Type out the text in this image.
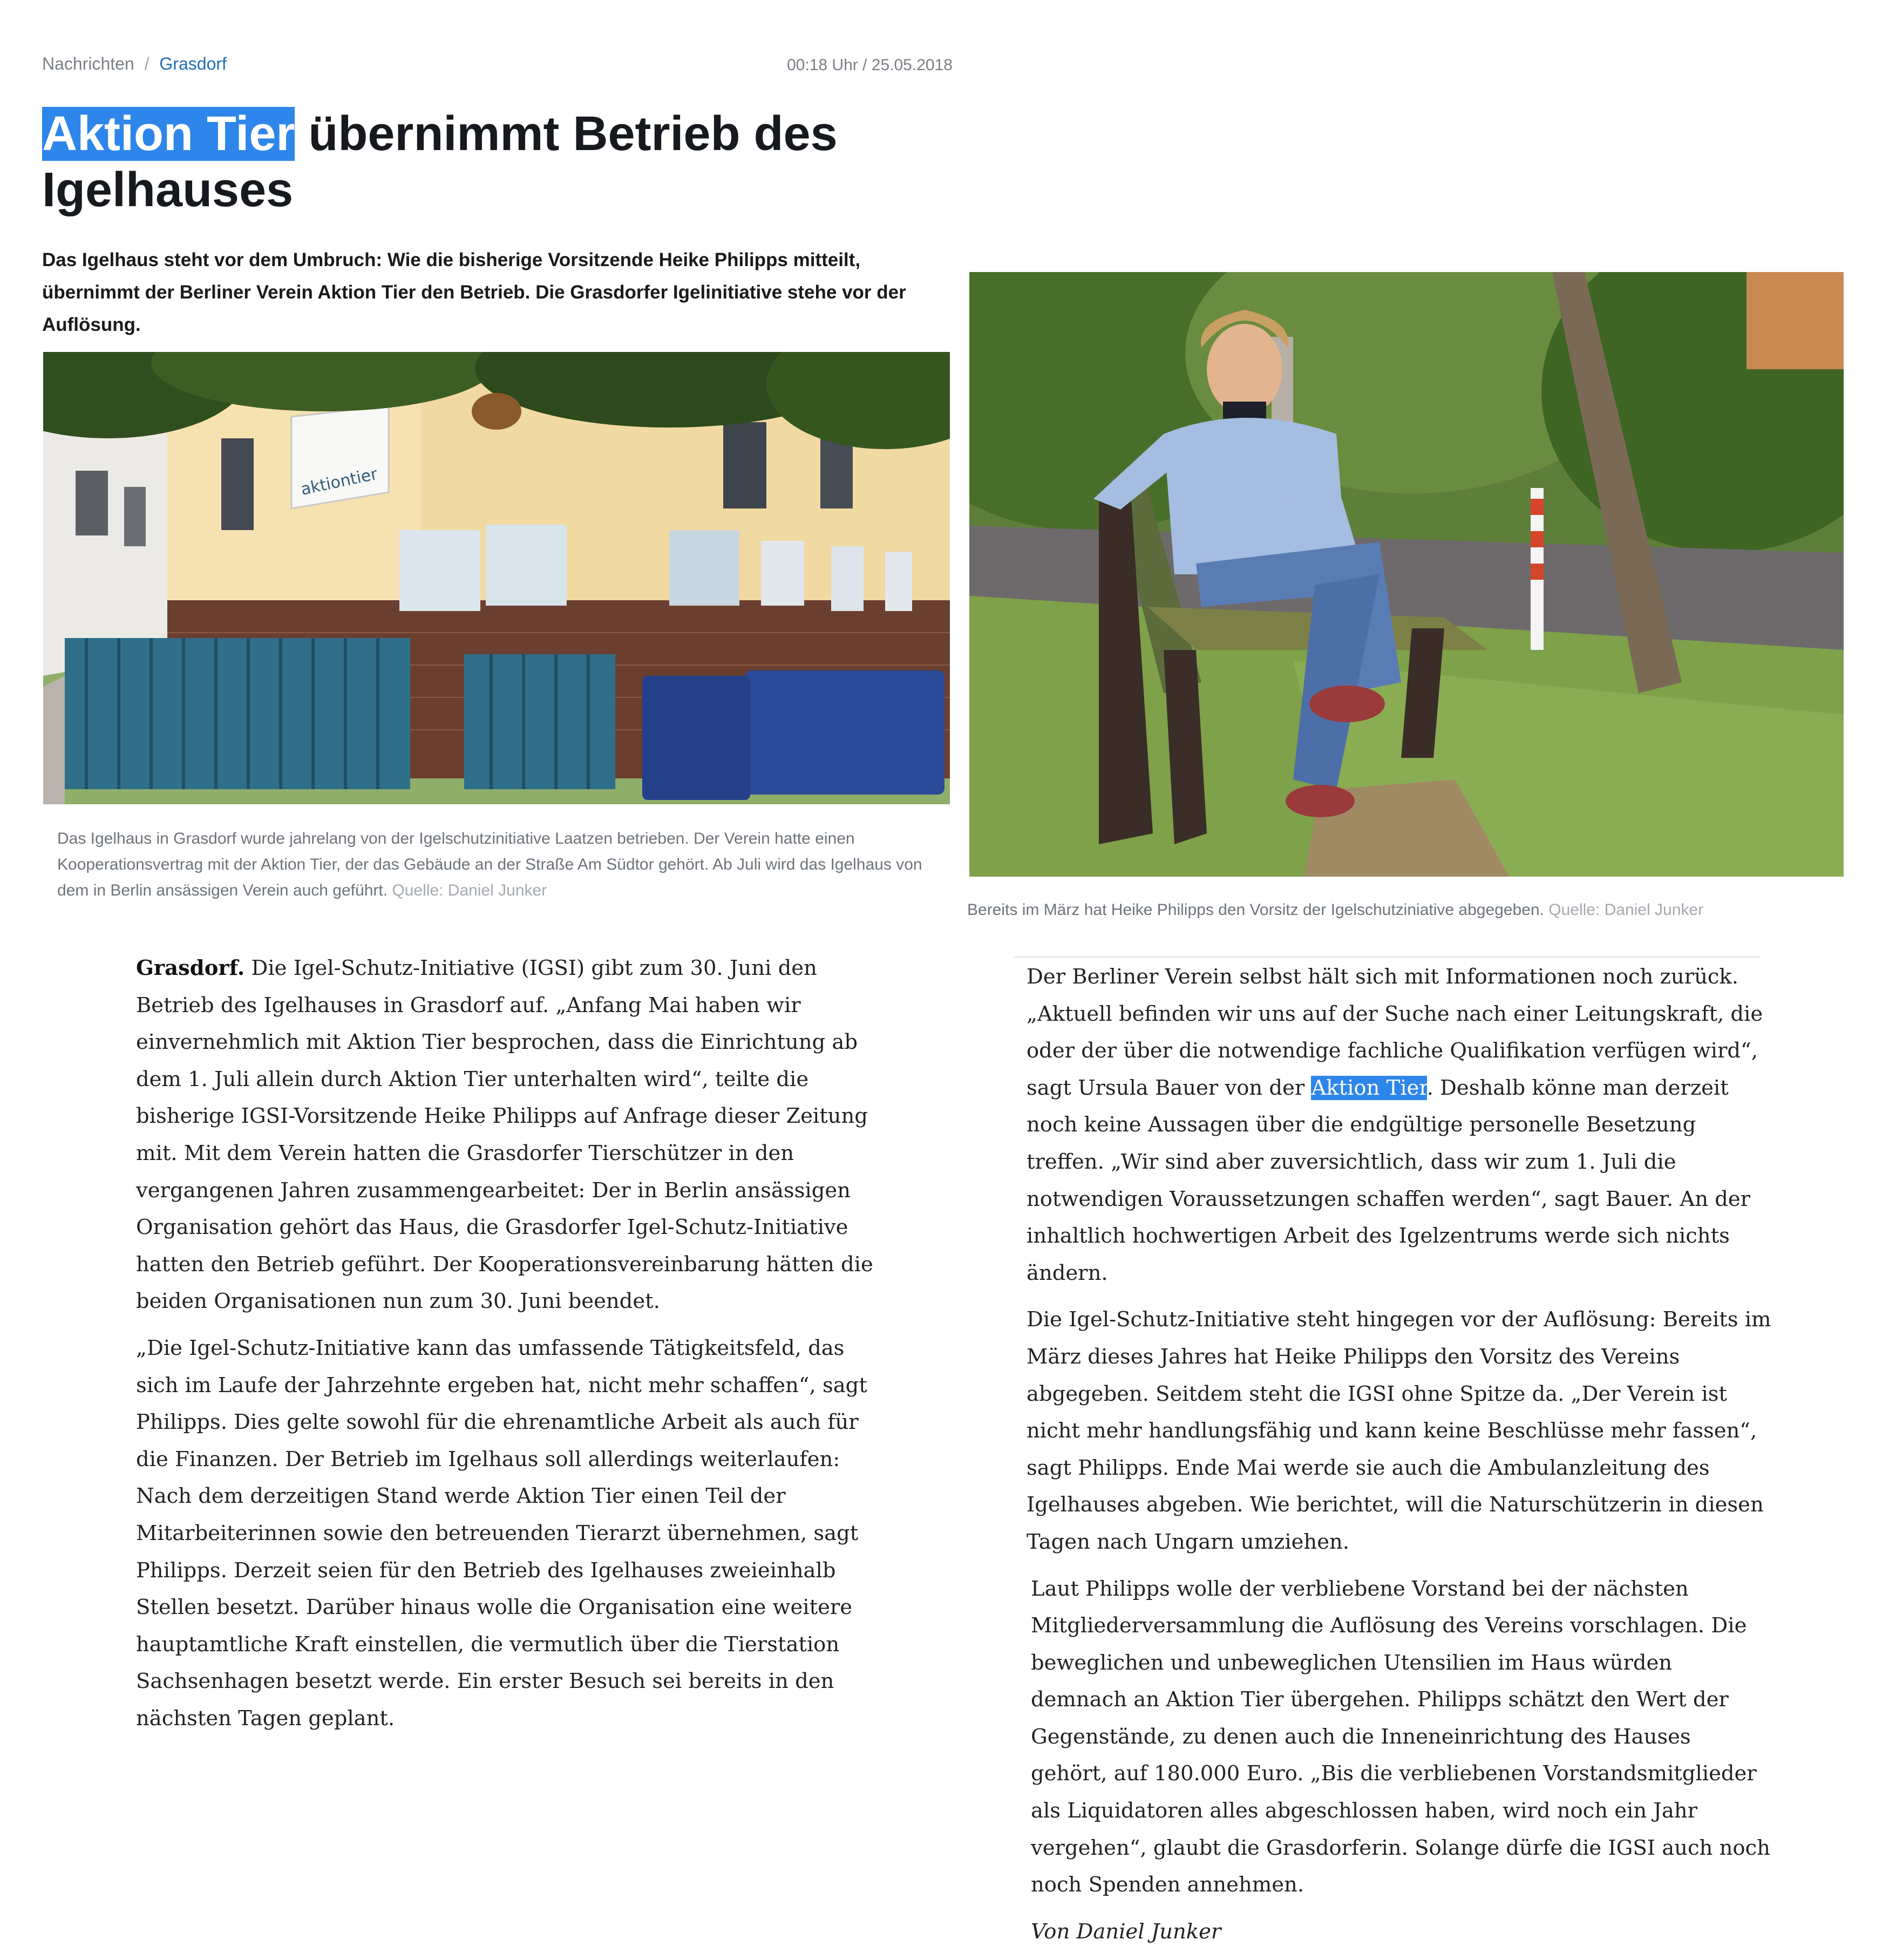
Nachrichten / Grasdorf	00:18 Uhr / 25.05.2018
Aktion Tier übernimmt Betrieb des Igelhauses

Das Igelhaus steht vor dem Umbruch: Wie die bisherige Vorsitzende Heike Philipps mitteilt, übernimmt der Berliner Verein Aktion Tier den Betrieb. Die Grasdorfer Igelinitiative stehe vor der Auflösung.

aktiontier

Das Igelhaus in Grasdorf wurde jahrelang von der Igelschutzinitiative Laatzen betrieben. Der Verein hatte einen Kooperationsvertrag mit der Aktion Tier, der das Gebäude an der Straße Am Südtor gehört. Ab Juli wird das Igelhaus von dem in Berlin ansässigen Verein auch geführt. Quelle: Daniel Junker

Bereits im März hat Heike Philipps den Vorsitz der Igelschutziniative abgegeben. Quelle: Daniel Junker

Grasdorf. Die Igel-Schutz-Initiative (IGSI) gibt zum 30. Juni den Betrieb des Igelhauses in Grasdorf auf. „Anfang Mai haben wir einvernehmlich mit Aktion Tier besprochen, dass die Einrichtung ab dem 1. Juli allein durch Aktion Tier unterhalten wird“, teilte die bisherige IGSI-Vorsitzende Heike Philipps auf Anfrage dieser Zeitung mit. Mit dem Verein hatten die Grasdorfer Tierschützer in den vergangenen Jahren zusammengearbeitet: Der in Berlin ansässigen Organisation gehört das Haus, die Grasdorfer Igel-Schutz-Initiative hatten den Betrieb geführt. Der Kooperationsvereinbarung hätten die beiden Organisationen nun zum 30. Juni beendet.

„Die Igel-Schutz-Initiative kann das umfassende Tätigkeitsfeld, das sich im Laufe der Jahrzehnte ergeben hat, nicht mehr schaffen“, sagt Philipps. Dies gelte sowohl für die ehrenamtliche Arbeit als auch für die Finanzen. Der Betrieb im Igelhaus soll allerdings weiterlaufen: Nach dem derzeitigen Stand werde Aktion Tier einen Teil der Mitarbeiterinnen sowie den betreuenden Tierarzt übernehmen, sagt Philipps. Derzeit seien für den Betrieb des Igelhauses zweieinhalb Stellen besetzt. Darüber hinaus wolle die Organisation eine weitere hauptamtliche Kraft einstellen, die vermutlich über die Tierstation Sachsenhagen besetzt werde. Ein erster Besuch sei bereits in den nächsten Tagen geplant.

Der Berliner Verein selbst hält sich mit Informationen noch zurück. „Aktuell befinden wir uns auf der Suche nach einer Leitungskraft, die oder der über die notwendige fachliche Qualifikation verfügen wird“, sagt Ursula Bauer von der Aktion Tier. Deshalb könne man derzeit noch keine Aussagen über die endgültige personelle Besetzung treffen. „Wir sind aber zuversichtlich, dass wir zum 1. Juli die notwendigen Voraussetzungen schaffen werden“, sagt Bauer. An der inhaltlich hochwertigen Arbeit des Igelzentrums werde sich nichts ändern.

Die Igel-Schutz-Initiative steht hingegen vor der Auflösung: Bereits im März dieses Jahres hat Heike Philipps den Vorsitz des Vereins abgegeben. Seitdem steht die IGSI ohne Spitze da. „Der Verein ist nicht mehr handlungsfähig und kann keine Beschlüsse mehr fassen“, sagt Philipps. Ende Mai werde sie auch die Ambulanzleitung des Igelhauses abgeben. Wie berichtet, will die Naturschützerin in diesen Tagen nach Ungarn umziehen.

Laut Philipps wolle der verbliebene Vorstand bei der nächsten Mitgliederversammlung die Auflösung des Vereins vorschlagen. Die beweglichen und unbeweglichen Utensilien im Haus würden demnach an Aktion Tier übergehen. Philipps schätzt den Wert der Gegenstände, zu denen auch die Inneneinrichtung des Hauses gehört, auf 180.000 Euro. „Bis die verbliebenen Vorstandsmitglieder als Liquidatoren alles abgeschlossen haben, wird noch ein Jahr vergehen“, glaubt die Grasdorferin. Solange dürfe die IGSI auch noch noch Spenden annehmen.

Von Daniel Junker
